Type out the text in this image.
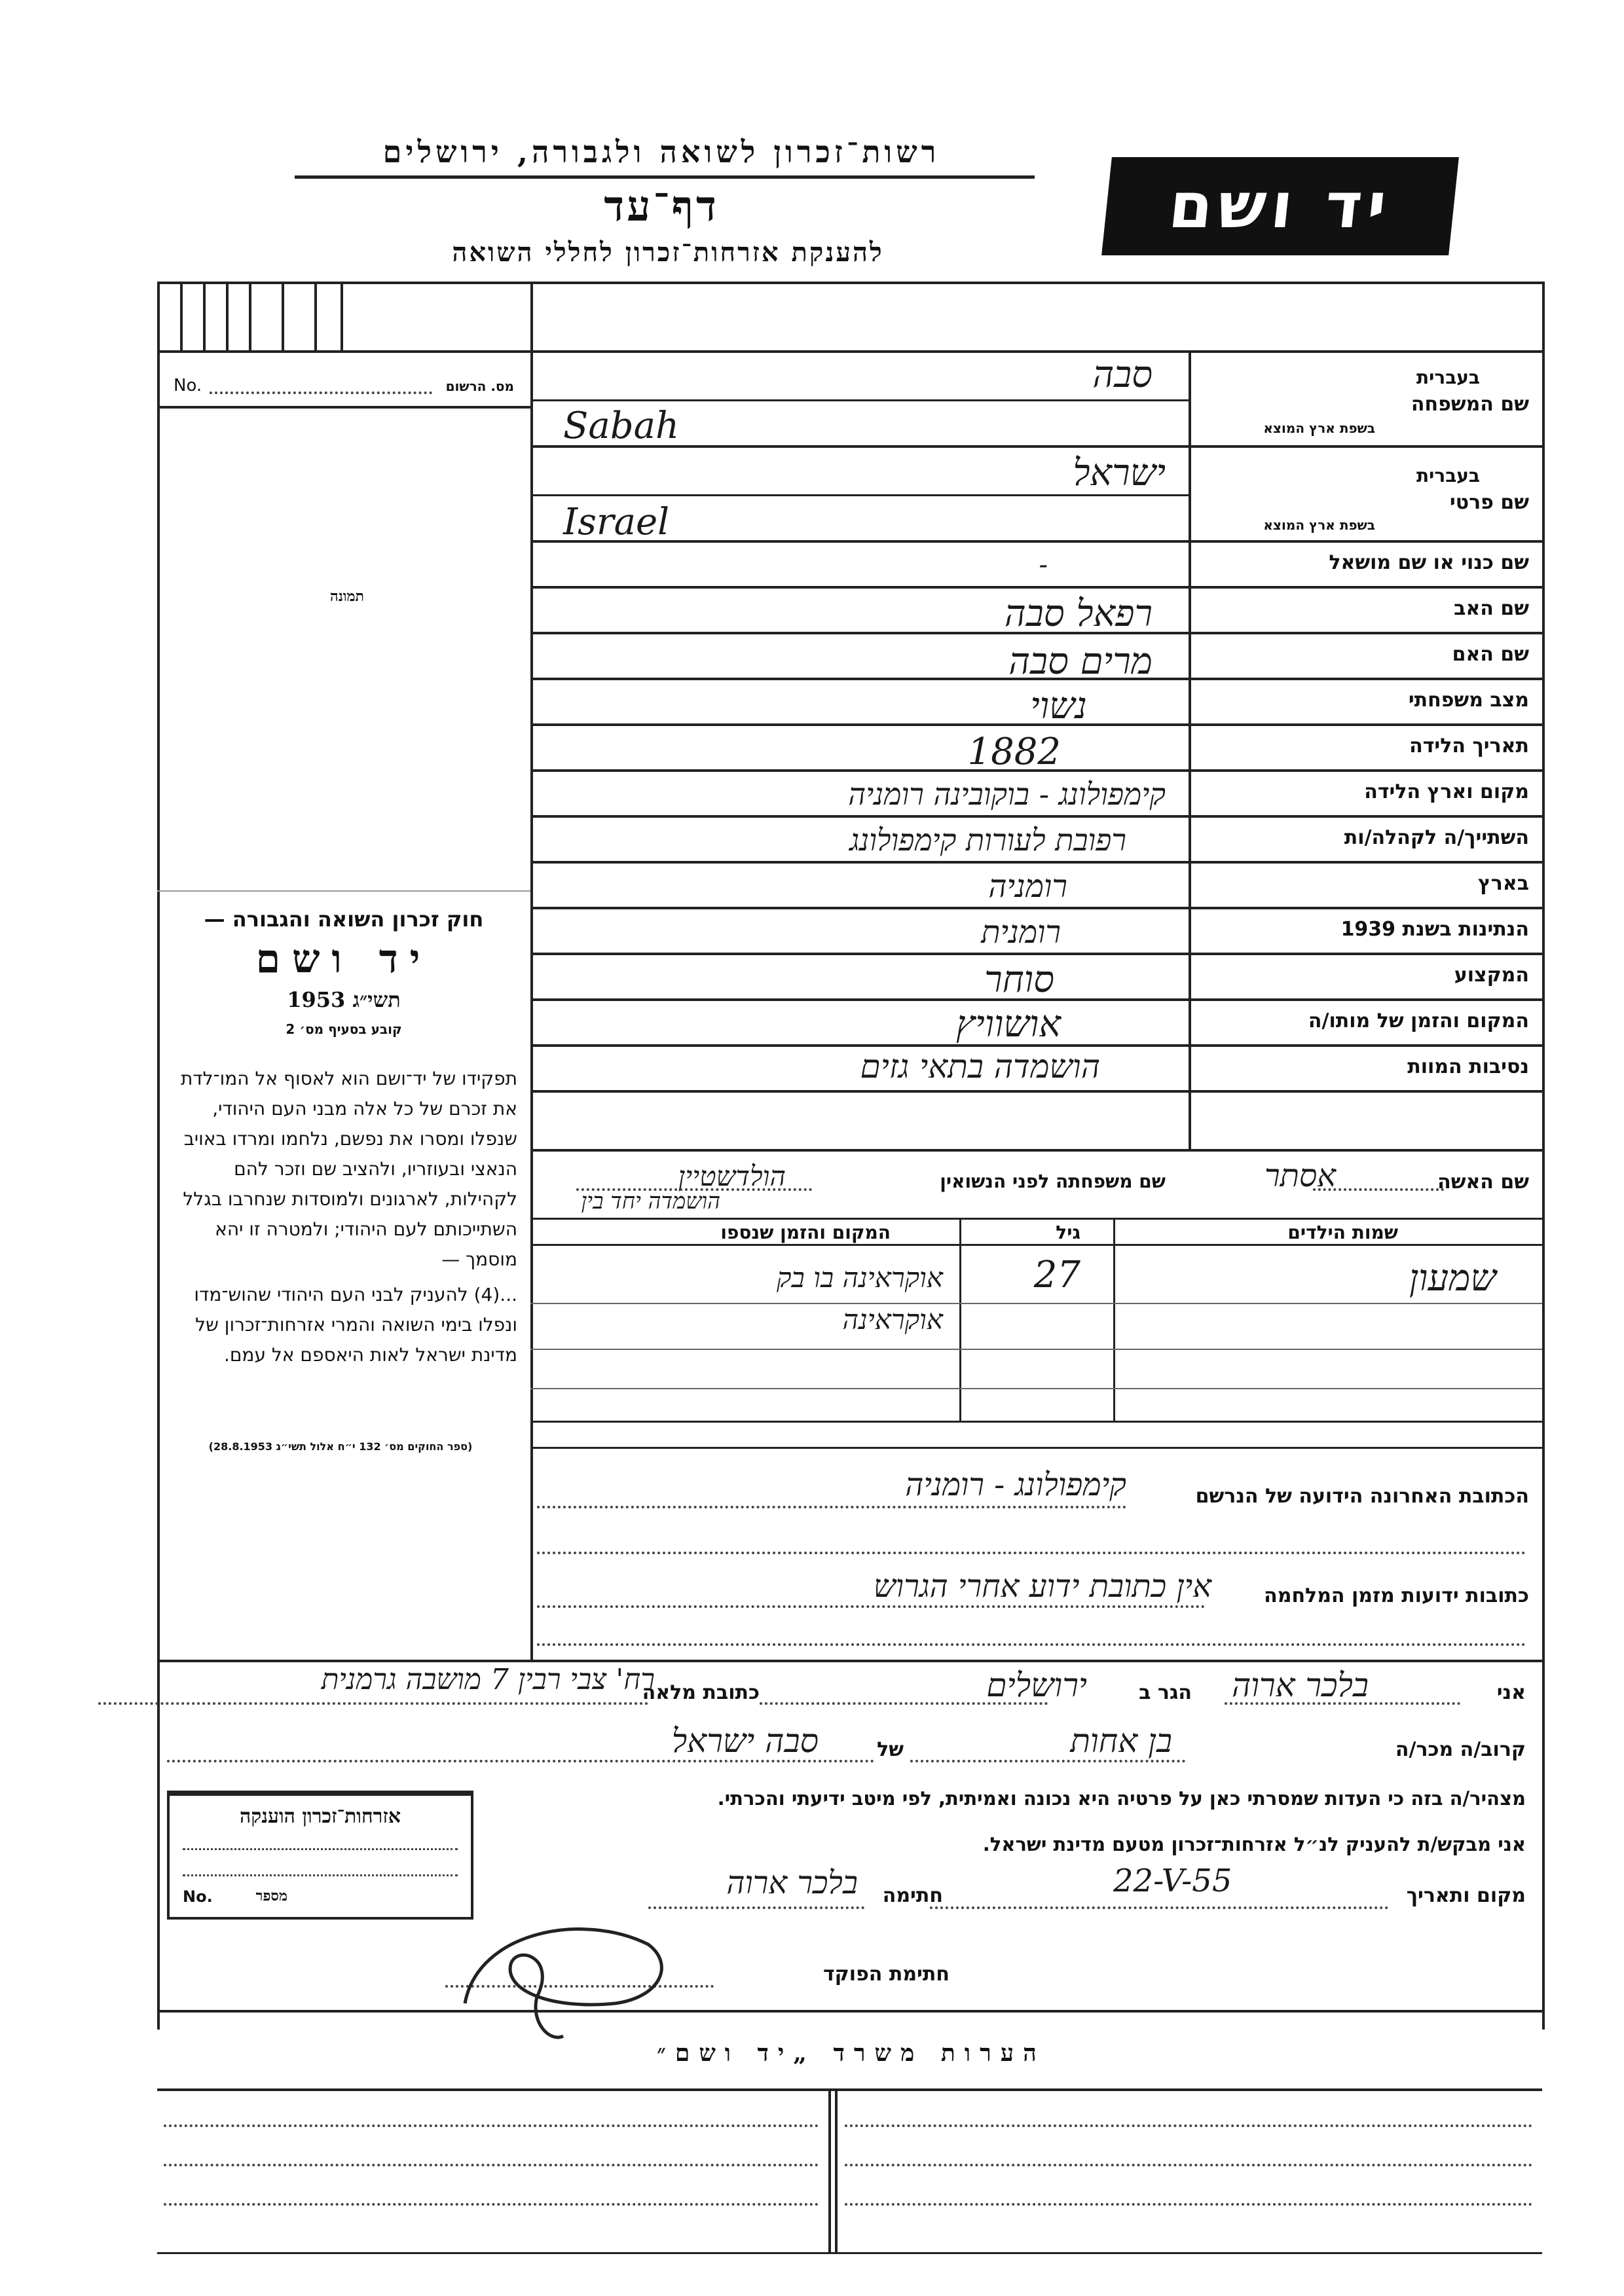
רשות־זכרון לשואה ולגבורה, ירושלים
דף־עד
להענקת אזרחות־זכרון לחללי השואה
יד ושם
מס. הרשום
No.
תמונה
בעברית
שם המשפחה
בשפת ארץ המוצא
בעברית
שם פרטי
בשפת ארץ המוצא
שם כנוי או שם מושאל
שם האב
שם האם
מצב משפחתי
תאריך הלידה
מקום וארץ הלידה
השתייך/ה לקהלה/ות
בארץ
הנתינות בשנת 1939
המקצוע
המקום והזמן של מותו/ה
נסיבות המוות
סבה
Sabah
ישראל
Israel
-
רפאל סבה
מרים סבה
נשוי
1882
קימפולונג - בוקובינה רומניה
רפובת לעורות קימפולונג
רומניה
רומנית
סוחר
אושוויץ
הושמדה בתאי גזים
חוק זכרון השואה והגבורה —
יד ושם
תשי״ג 1953
קובע בסעיף מס׳ 2
תפקידו של יד־ושם הוא לאסוף אל המו־לדת את זכרם של כל אלה מבני העם היהודי, שנפלו ומסרו את נפשם, נלחמו ומרדו באויב הנאצי ובעוזריו, ולהציב שם וזכר להם לקהילות, לארגונים ולמוסדות שנחרבו בגלל השתייכותם לעם היהודי; ולמטרה זו יהא מוסמך —
...(4) להעניק לבני העם היהודי שהוש־מדו ונפלו בימי השואה והמרי אזרחות־זכרון של מדינת ישראל לאות היאספם אל עמם.
(ספר החוקים מס׳ 132 י״ח אלול תשי״ג 28.8.1953)
שם האשה
אסתר
שם משפחתה לפני הנשואין
הולדשטיין
הושמדה יחד בין
שמות הילדים
גיל
המקום והזמן שנספו
שמעון
27
אוקראינה בו בק אוקראינה
הכתובת האחרונה הידועה של הנרשם
קימפולונג - רומניה
כתובות ידועות מזמן המלחמה
אין כתובת ידוע אחרי הגרוש
אני
בלכר ארוה
הגר ב
ירושלים
כתובת מלאה
רח' צבי רבין 7 מושבה גרמנית
קרוב/ה מכר/ה
בן אחות
של
סבה ישראל
מצהיר/ה בזה כי העדות שמסרתי כאן על פרטיה היא נכונה ואמיתית, לפי מיטב ידיעתי והכרתי.
אני מבקש/ת להעניק לנ״ל אזרחות־זכרון מטעם מדינת ישראל.
מקום ותאריך
22-V-55
חתימה
בלכר ארוה
חתימת הפוקד
אזרחות־זכרון הוענקה
No.	מספר
הערות משרד „יד ושם״
